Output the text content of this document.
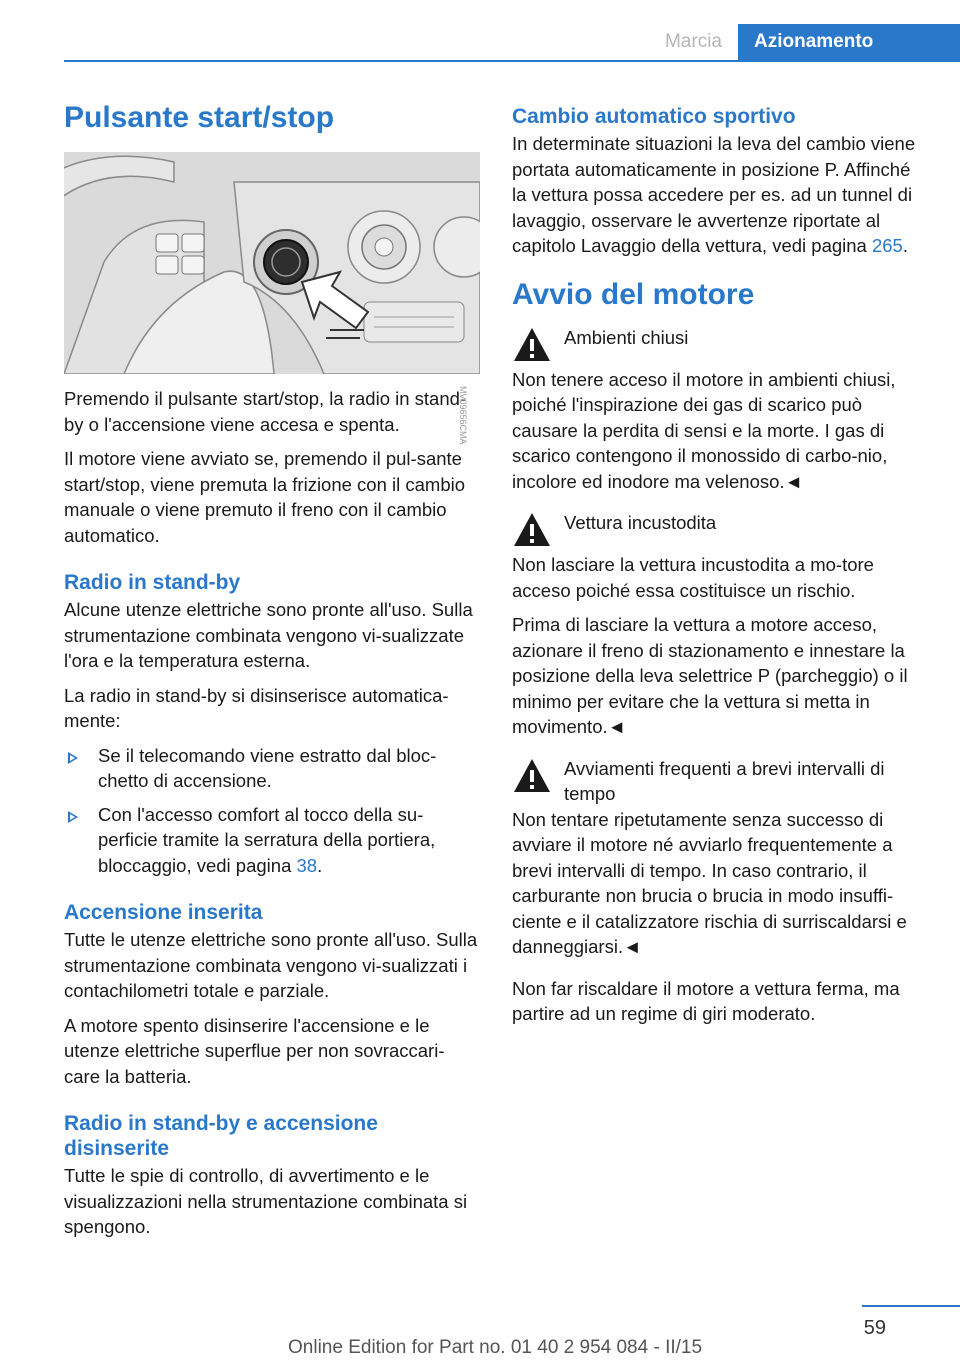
Marcia	Azionamento
Pulsante start/stop
MV09656CMA

Premendo il pulsante start/stop, la radio in stand-by o l'accensione viene accesa e spenta.

Il motore viene avviato se, premendo il pul-sante start/stop, viene premuta la frizione con il cambio manuale o viene premuto il freno con il cambio automatico.

Radio in stand-by

Alcune utenze elettriche sono pronte all'uso. Sulla strumentazione combinata vengono vi-sualizzate l'ora e la temperatura esterna.

La radio in stand-by si disinserisce automatica-mente:

Se il telecomando viene estratto dal bloc-chetto di accensione.
Con l'accesso comfort al tocco della su-perficie tramite la serratura della portiera, bloccaggio, vedi pagina 38.
Accensione inserita

Tutte le utenze elettriche sono pronte all'uso. Sulla strumentazione combinata vengono vi-sualizzati i contachilometri totale e parziale.

A motore spento disinserire l'accensione e le utenze elettriche superflue per non sovraccari-care la batteria.

Radio in stand-by e accensione disinserite

Tutte le spie di controllo, di avvertimento e le visualizzazioni nella strumentazione combinata si spengono.

Cambio automatico sportivo

In determinate situazioni la leva del cambio viene portata automaticamente in posizione P. Affinché la vettura possa accedere per es. ad un tunnel di lavaggio, osservare le avvertenze riportate al capitolo Lavaggio della vettura, vedi pagina 265.

Avvio del motore
Ambienti chiusi

Non tenere acceso il motore in ambienti chiusi, poiché l'inspirazione dei gas di scarico può causare la perdita di sensi e la morte. I gas di scarico contengono il monossido di carbo-nio, incolore ed inodore ma velenoso.◄

Vettura incustodita

Non lasciare la vettura incustodita a mo-tore acceso poiché essa costituisce un rischio.

Prima di lasciare la vettura a motore acceso, azionare il freno di stazionamento e innestare la posizione della leva selettrice P (parcheggio) o il minimo per evitare che la vettura si metta in movimento.◄

Avviamenti frequenti a brevi intervalli di tempo

Non tentare ripetutamente senza successo di avviare il motore né avviarlo frequentemente a brevi intervalli di tempo. In caso contrario, il carburante non brucia o brucia in modo insuffi-ciente e il catalizzatore rischia di surriscaldarsi e danneggiarsi.◄

Non far riscaldare il motore a vettura ferma, ma partire ad un regime di giri moderato.

59
Online Edition for Part no. 01 40 2 954 084 - II/15
